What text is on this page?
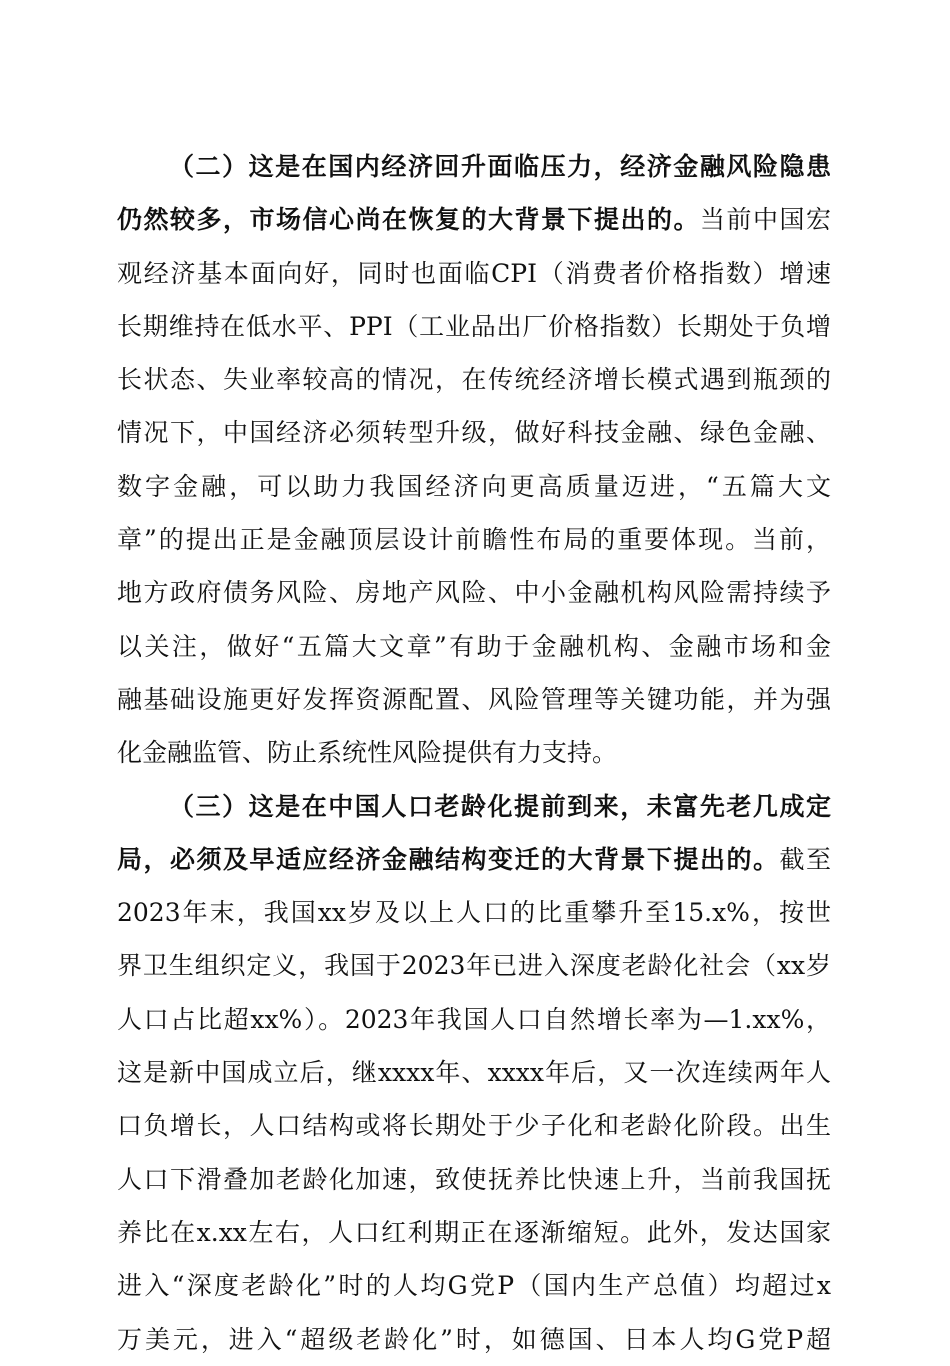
（二）这是在国内经济回升面临压力，经济金融风险隐患
仍然较多，市场信心尚在恢复的大背景下提出的。当前中国宏
观经济基本面向好，同时也面临CPI（消费者价格指数）增速
长期维持在低水平、PPI（工业品出厂价格指数）长期处于负增
长状态、失业率较高的情况，在传统经济增长模式遇到瓶颈的
情况下，中国经济必须转型升级，做好科技金融、绿色金融、
数字金融，可以助力我国经济向更高质量迈进，“五篇大文
章”的提出正是金融顶层设计前瞻性布局的重要体现。当前，
地方政府债务风险、房地产风险、中小金融机构风险需持续予
以关注，做好“五篇大文章”有助于金融机构、金融市场和金
融基础设施更好发挥资源配置、风险管理等关键功能，并为强
化金融监管、防止系统性风险提供有力支持。
（三）这是在中国人口老龄化提前到来，未富先老几成定
局，必须及早适应经济金融结构变迁的大背景下提出的。截至
2023年末，我国xx岁及以上人口的比重攀升至15.x%，按世
界卫生组织定义，我国于2023年已进入深度老龄化社会（xx岁
人口占比超xx%）。2023年我国人口自然增长率为—1.xx%，
这是新中国成立后，继xxxx年、xxxx年后，又一次连续两年人
口负增长，人口结构或将长期处于少子化和老龄化阶段。出生
人口下滑叠加老龄化加速，致使抚养比快速上升，当前我国抚
养比在x.xx左右，人口红利期正在逐渐缩短。此外，发达国家
进入“深度老龄化”时的人均G党P（国内生产总值）均超过x
万美元，进入“超级老龄化”时，如德国、日本人均G党P超
